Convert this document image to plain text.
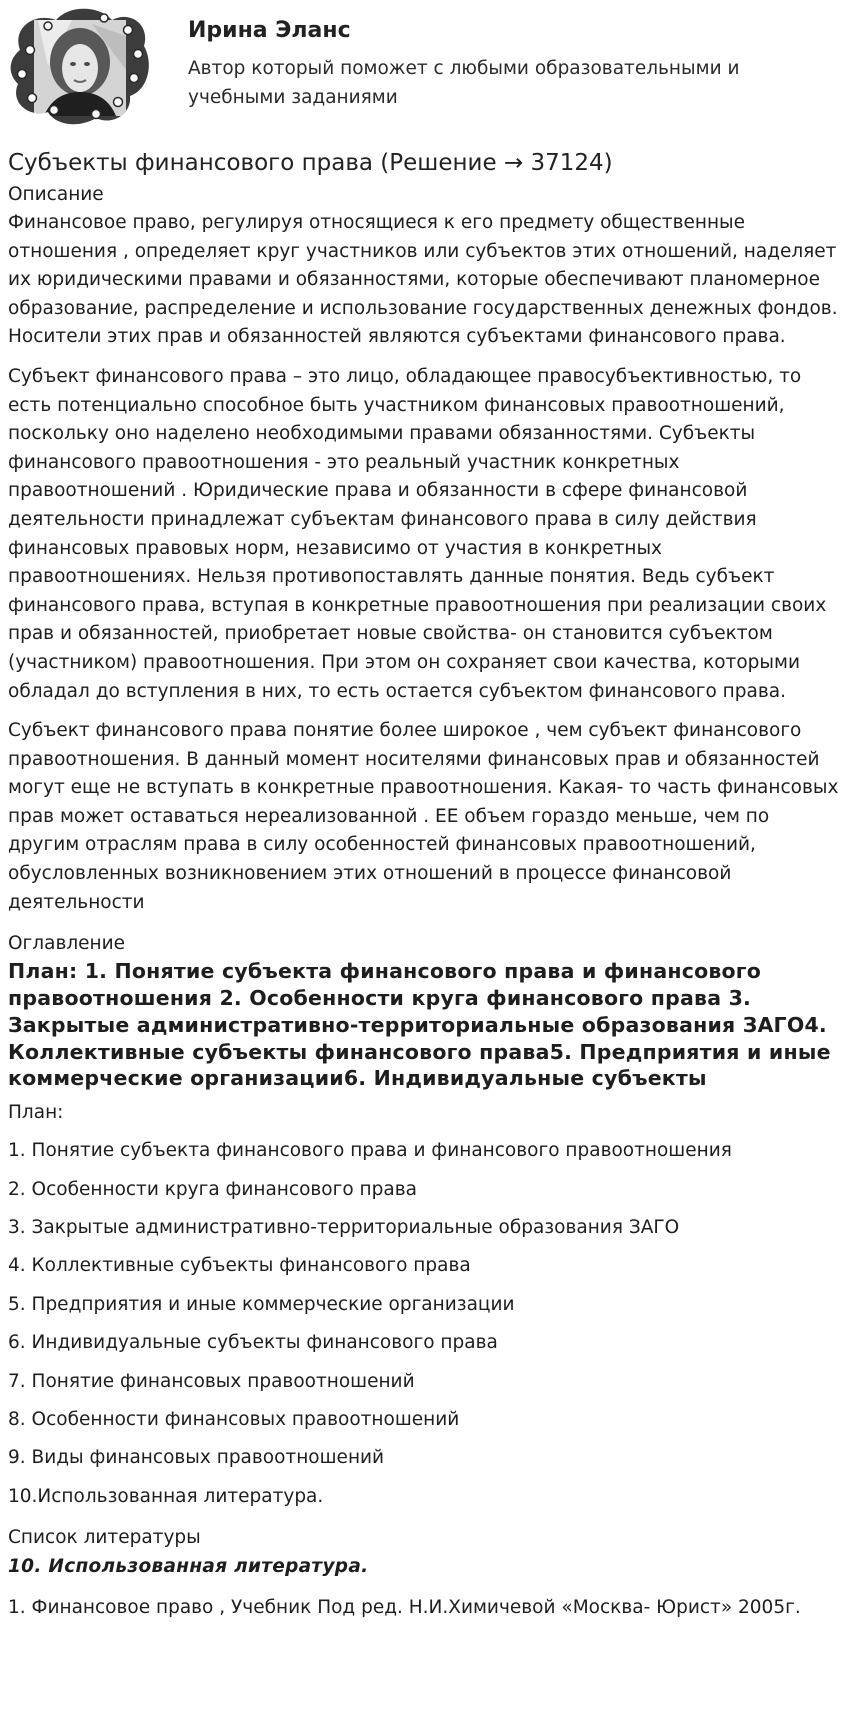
Ирина Эланс
Автор который поможет с любыми образовательными и учебными заданиями
Субъекты финансового права (Решение → 37124)
Описание

Финансовое право, регулируя относящиеся к его предмету общественные отношения , определяет круг участников или субъектов этих отношений, наделяет их юридическими правами и обязанностями, которые обеспечивают планомерное образование, распределение и использование государственных денежных фондов. Носители этих прав и обязанностей являются субъектами финансового права.

Субъект финансового права – это лицо, обладающее правосубъективностью, то есть потенциально способное быть участником финансовых правоотношений, поскольку оно наделено необходимыми правами обязанностями. Субъекты финансового правоотношения - это реальный участник конкретных правоотношений . Юридические права и обязанности в сфере финансовой деятельности принадлежат субъектам финансового права в силу действия финансовых правовых норм, независимо от участия в конкретных правоотношениях. Нельзя противопоставлять данные понятия. Ведь субъект финансового права, вступая в конкретные правоотношения при реализации своих прав и обязанностей, приобретает новые свойства- он становится субъектом (участником) правоотношения. При этом он сохраняет свои качества, которыми обладал до вступления в них, то есть остается субъектом финансового права.

Субъект финансового права понятие более широкое , чем субъект финансового правоотношения. В данный момент носителями финансовых прав и обязанностей могут еще не вступать в конкретные правоотношения. Какая- то часть финансовых прав может оставаться нереализованной . ЕЕ объем гораздо меньше, чем по другим отраслям права в силу особенностей финансовых правоотношений, обусловленных возникновением этих отношений в процессе финансовой деятельности

Оглавление
План: 1. Понятие субъекта финансового права и финансового правоотношения 2. Особенности круга финансового права 3. Закрытые административно-территориальные образования ЗАГО4. Коллективные субъекты финансового права5. Предприятия и иные коммерческие организации6. Индивидуальные субъекты
План:
1. Понятие субъекта финансового права и финансового правоотношения
2. Особенности круга финансового права
3. Закрытые административно-территориальные образования ЗАГО
4. Коллективные субъекты финансового права
5. Предприятия и иные коммерческие организации
6. Индивидуальные субъекты финансового права
7. Понятие финансовых правоотношений
8. Особенности финансовых правоотношений
9. Виды финансовых правоотношений
10.Использованная литература.
Список литературы
10. Использованная литература.
1. Финансовое право , Учебник Под ред. Н.И.Химичевой «Москва- Юрист» 2005г.
